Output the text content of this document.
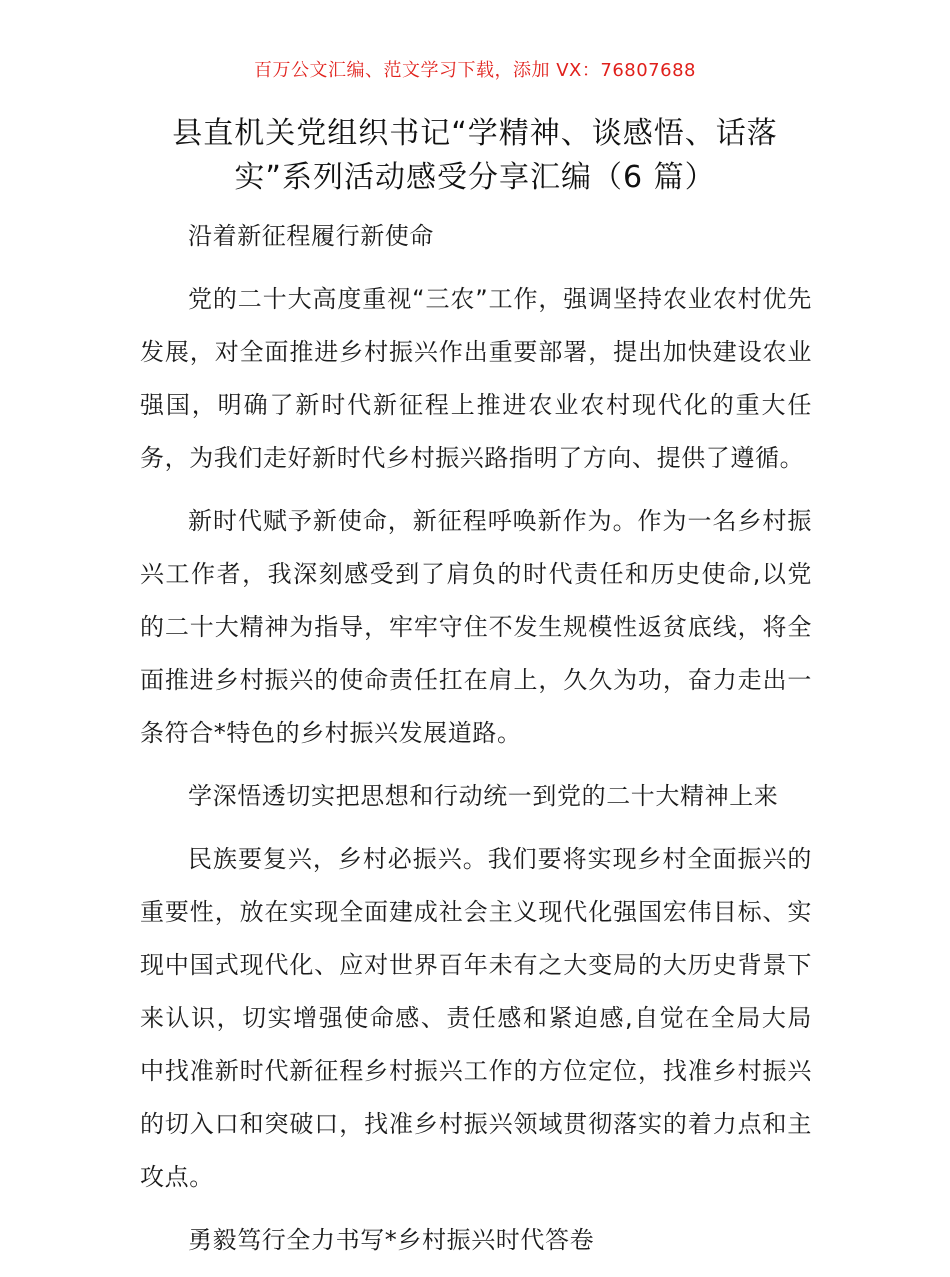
百万公文汇编、范文学习下载，添加 VX：76807688
县直机关党组织书记“学精神、谈感悟、话落实”系列活动感受分享汇编（6 篇）

沿着新征程履行新使命

党的二十大高度重视“三农”工作，强调坚持农业农村优先发展，对全面推进乡村振兴作出重要部署，提出加快建设农业强国，明确了新时代新征程上推进农业农村现代化的重大任务，为我们走好新时代乡村振兴路指明了方向、提供了遵循。

新时代赋予新使命，新征程呼唤新作为。作为一名乡村振兴工作者，我深刻感受到了肩负的时代责任和历史使命,以党的二十大精神为指导，牢牢守住不发生规模性返贫底线，将全面推进乡村振兴的使命责任扛在肩上，久久为功，奋力走出一条符合*特色的乡村振兴发展道路。

学深悟透切实把思想和行动统一到党的二十大精神上来

民族要复兴，乡村必振兴。我们要将实现乡村全面振兴的重要性，放在实现全面建成社会主义现代化强国宏伟目标、实现中国式现代化、应对世界百年未有之大变局的大历史背景下来认识，切实增强使命感、责任感和紧迫感,自觉在全局大局中找准新时代新征程乡村振兴工作的方位定位，找准乡村振兴的切入口和突破口，找准乡村振兴领域贯彻落实的着力点和主攻点。

勇毅笃行全力书写*乡村振兴时代答卷
